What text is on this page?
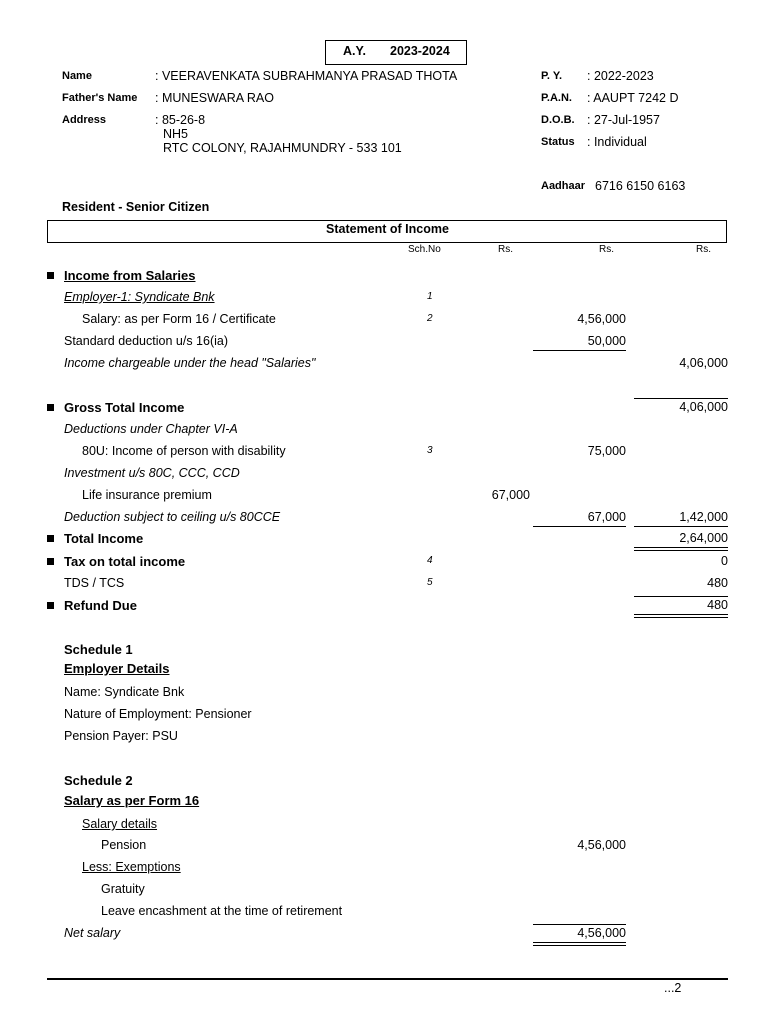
A.Y. 2023-2024
Name	: VEERAVENKATA SUBRAHMANYA PRASAD THOTA
Father's Name : MUNESWARA RAO
Address	: 85-26-8
NH5
RTC COLONY, RAJAHMUNDRY - 533 101
P. Y. : 2022-2023
P.A.N. : AAUPT 7242 D
D.O.B. : 27-Jul-1957
Status : Individual
Aadhaar 6716 6150 6163
Resident - Senior Citizen
Statement of Income
Sch.No	Rs.	Rs.	Rs.
Income from Salaries
Employer-1: Syndicate Bnk	1
Salary: as per Form 16 / Certificate	2	4,56,000
Standard deduction u/s 16(ia)	50,000
Income chargeable under the head "Salaries"	4,06,000
Gross Total Income	4,06,000
Deductions under Chapter VI-A
80U: Income of person with disability	3	75,000
Investment u/s 80C, CCC, CCD
Life insurance premium	67,000
Deduction subject to ceiling u/s 80CCE	67,000	1,42,000
Total Income	2,64,000
Tax on total income	4	0
TDS / TCS	5	480
Refund Due	480
Schedule 1
Employer Details
Name: Syndicate Bnk
Nature of Employment: Pensioner
Pension Payer: PSU
Schedule 2
Salary as per Form 16
Salary details
Pension	4,56,000
Less: Exemptions
Gratuity
Leave encashment at the time of retirement
Net salary	4,56,000
...2
